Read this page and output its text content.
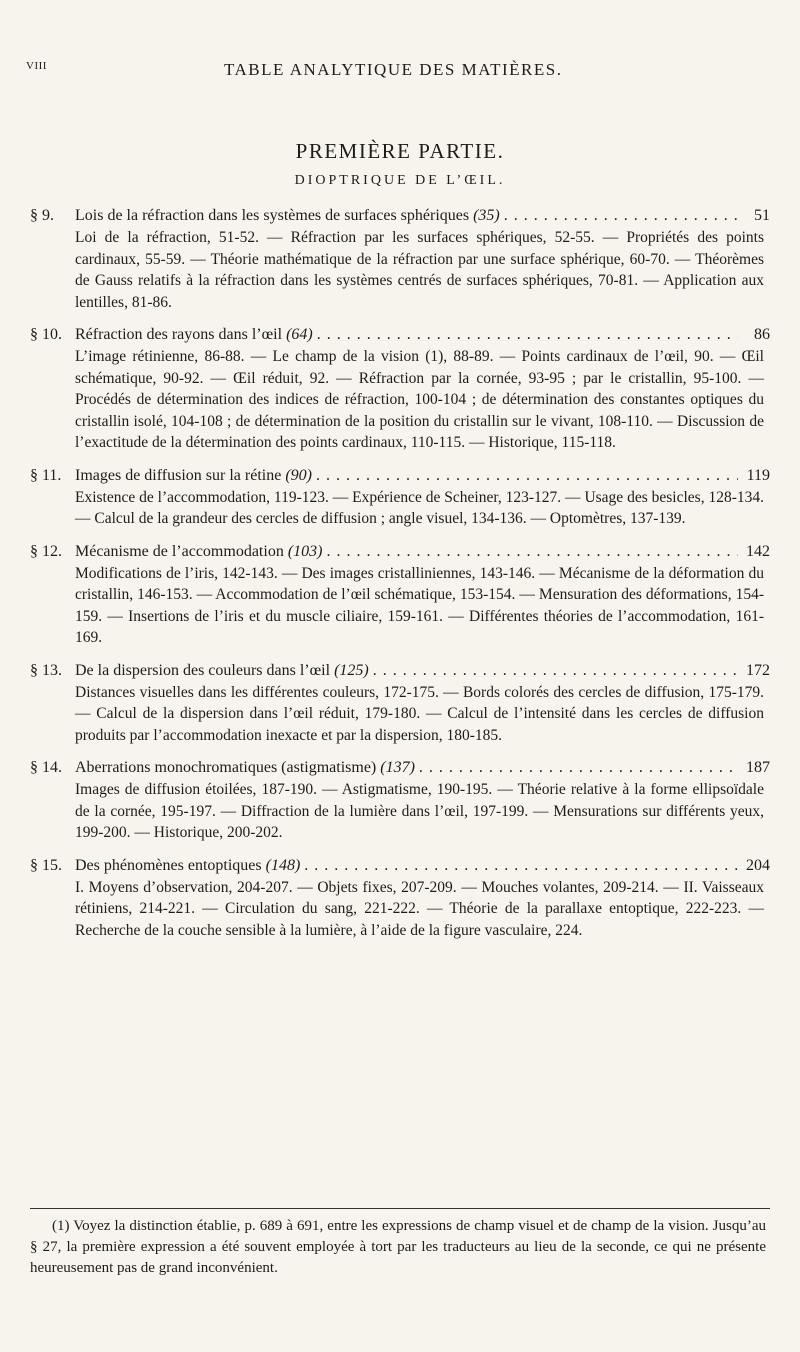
VIII	TABLE ANALYTIQUE DES MATIÈRES.
PREMIÈRE PARTIE.
DIOPTRIQUE DE L’ŒIL.
§ 9.	Lois de la réfraction dans les systèmes de surfaces sphériques (35) . . .	51
Loi de la réfraction, 51-52. — Réfraction par les surfaces sphériques, 52-55. — Propriétés des points cardinaux, 55-59. — Théorie mathématique de la réfraction par une surface sphérique, 60-70. — Théorèmes de Gauss relatifs à la réfraction dans les systèmes centrés de surfaces sphériques, 70-81. — Application aux lentilles, 81-86.
§ 10. Réfraction des rayons dans l’œil (64) . . .	86
L’image rétinienne, 86-88. — Le champ de la vision (1), 88-89. — Points cardinaux de l’œil, 90. — Œil schématique, 90-92. — Œil réduit, 92. — Réfraction par la cornée, 93-95 ; par le cristallin, 95-100. — Procédés de détermination des indices de réfraction, 100-104 ; de détermination des constantes optiques du cristallin isolé, 104-108 ; de détermination de la position du cristallin sur le vivant, 108-110. — Discussion de l’exactitude de la détermination des points cardinaux, 110-115. — Historique, 115-118.
§ 11. Images de diffusion sur la rétine (90) . . .	119
Existence de l’accommodation, 119-123. — Expérience de Scheiner, 123-127. — Usage des besicles, 128-134. — Calcul de la grandeur des cercles de diffusion ; angle visuel, 134-136. — Optomètres, 137-139.
§ 12. Mécanisme de l’accommodation (103) . . .	142
Modifications de l’iris, 142-143. — Des images cristalliniennes, 143-146. — Mécanisme de la déformation du cristallin, 146-153. — Accommodation de l’œil schématique, 153-154. — Mensuration des déformations, 154-159. — Insertions de l’iris et du muscle ciliaire, 159-161. — Différentes théories de l’accommodation, 161-169.
§ 13. De la dispersion des couleurs dans l’œil (125) . . .	172
Distances visuelles dans les différentes couleurs, 172-175. — Bords colorés des cercles de diffusion, 175-179. — Calcul de la dispersion dans l’œil réduit, 179-180. — Calcul de l’intensité dans les cercles de diffusion produits par l’accommodation inexacte et par la dispersion, 180-185.
§ 14. Aberrations monochromatiques (astigmatisme) (137) . . .	187
Images de diffusion étoilées, 187-190. — Astigmatisme, 190-195. — Théorie relative à la forme ellipsoïdale de la cornée, 195-197. — Diffraction de la lumière dans l’œil, 197-199. — Mensurations sur différents yeux, 199-200. — Historique, 200-202.
§ 15. Des phénomènes entoptiques (148) . . .	204
I. Moyens d’observation, 204-207. — Objets fixes, 207-209. — Mouches volantes, 209-214. — II. Vaisseaux rétiniens, 214-221. — Circulation du sang, 221-222. — Théorie de la parallaxe entoptique, 222-223. — Recherche de la couche sensible à la lumière, à l’aide de la figure vasculaire, 224.
(1) Voyez la distinction établie, p. 689 à 691, entre les expressions de champ visuel et de champ de la vision. Jusqu’au § 27, la première expression a été souvent employée à tort par les traducteurs au lieu de la seconde, ce qui ne présente heureusement pas de grand inconvénient.
